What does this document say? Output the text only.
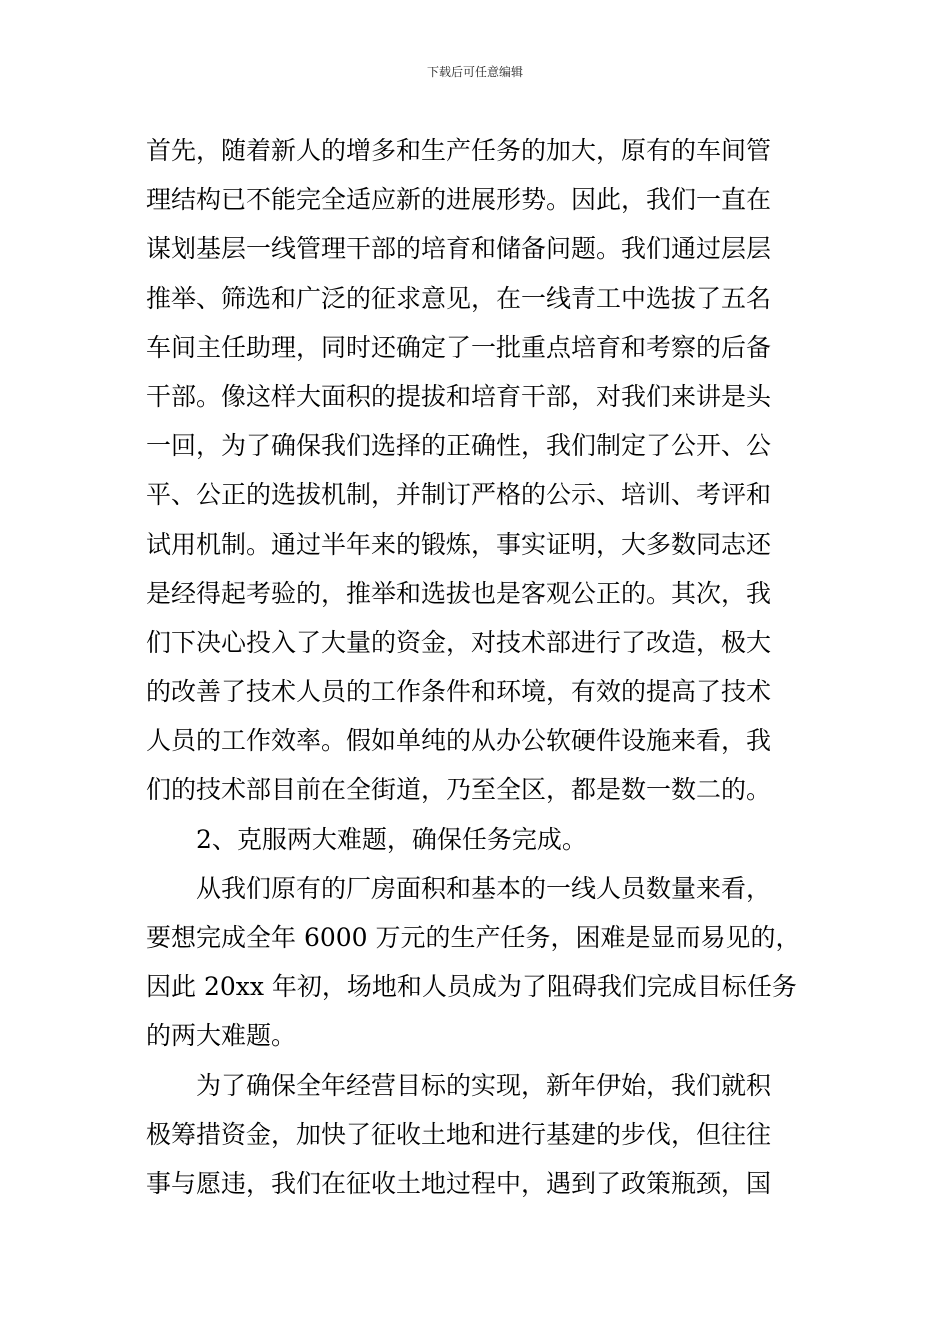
下载后可任意编辑
首先，随着新人的增多和生产任务的加大，原有的车间管
理结构已不能完全适应新的进展形势。因此，我们一直在
谋划基层一线管理干部的培育和储备问题。我们通过层层
推举、筛选和广泛的征求意见，在一线青工中选拔了五名
车间主任助理，同时还确定了一批重点培育和考察的后备
干部。像这样大面积的提拔和培育干部，对我们来讲是头
一回，为了确保我们选择的正确性，我们制定了公开、公
平、公正的选拔机制，并制订严格的公示、培训、考评和
试用机制。通过半年来的锻炼，事实证明，大多数同志还
是经得起考验的，推举和选拔也是客观公正的。其次，我
们下决心投入了大量的资金，对技术部进行了改造，极大
的改善了技术人员的工作条件和环境，有效的提高了技术
人员的工作效率。假如单纯的从办公软硬件设施来看，我
们的技术部目前在全街道，乃至全区，都是数一数二的。
2、克服两大难题，确保任务完成。
从我们原有的厂房面积和基本的一线人员数量来看，
要想完成全年 6000 万元的生产任务，困难是显而易见的，
因此 20xx 年初，场地和人员成为了阻碍我们完成目标任务
的两大难题。
为了确保全年经营目标的实现，新年伊始，我们就积
极筹措资金，加快了征收土地和进行基建的步伐，但往往
事与愿违，我们在征收土地过程中，遇到了政策瓶颈，国
